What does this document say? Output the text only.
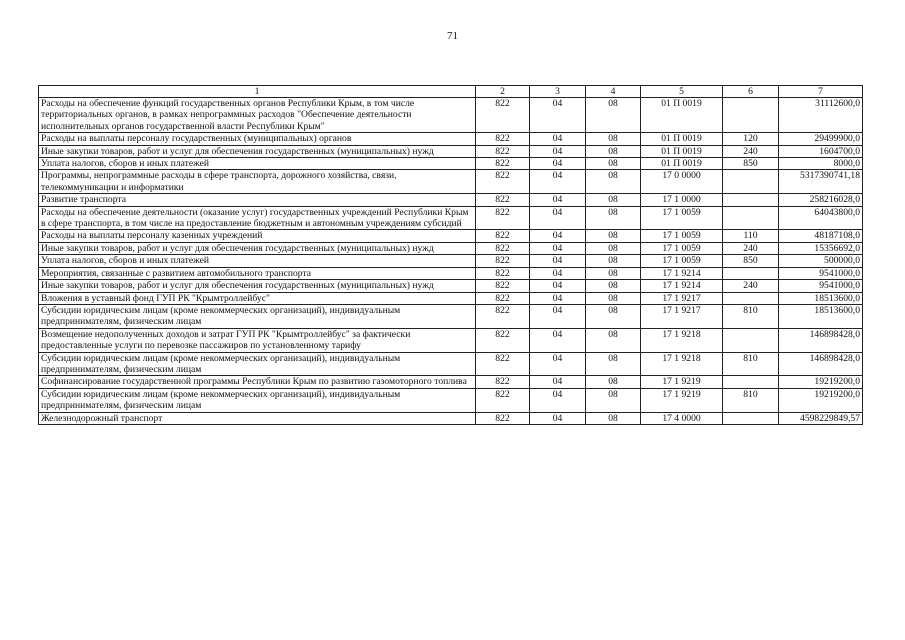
71
1	2	3	4	5	6	7
Расходы на обеспечение функций государственных органов Республики Крым, в том числе территориальных органов, в рамках непрограммных расходов "Обеспечение деятельности исполнительных органов государственной власти Республики Крым"	822	04	08	01 П 0019		31112600,0
Расходы на выплаты персоналу государственных (муниципальных) органов	822	04	08	01 П 0019	120	29499900,0
Иные закупки товаров, работ и услуг для обеспечения государственных (муниципальных) нужд	822	04	08	01 П 0019	240	1604700,0
Уплата налогов, сборов и иных платежей	822	04	08	01 П 0019	850	8000,0
Программы, непрограммные расходы в сфере транспорта, дорожного хозяйства, связи, телекоммуникации и информатики	822	04	08	17 0 0000		5317390741,18
Развитие транспорта	822	04	08	17 1 0000		258216028,0
Расходы на обеспечение деятельности (оказание услуг) государственных учреждений Республики Крым в сфере транспорта, в том числе на предоставление бюджетным и автономным учреждениям субсидий	822	04	08	17 1 0059		64043800,0
Расходы на выплаты персоналу казенных учреждений	822	04	08	17 1 0059	110	48187108,0
Иные закупки товаров, работ и услуг для обеспечения государственных (муниципальных) нужд	822	04	08	17 1 0059	240	15356692,0
Уплата налогов, сборов и иных платежей	822	04	08	17 1 0059	850	500000,0
Мероприятия, связанные с развитием автомобильного транспорта	822	04	08	17 1 9214		9541000,0
Иные закупки товаров, работ и услуг для обеспечения государственных (муниципальных) нужд	822	04	08	17 1 9214	240	9541000,0
Вложения в уставный фонд ГУП РК "Крымтроллейбус"	822	04	08	17 1 9217		18513600,0
Субсидии юридическим лицам (кроме некоммерческих организаций), индивидуальным предпринимателям, физическим лицам	822	04	08	17 1 9217	810	18513600,0
Возмещение недополученных доходов и затрат ГУП РК "Крымтроллейбус" за фактически предоставленные услуги по перевозке пассажиров по установленному тарифу	822	04	08	17 1 9218		146898428,0
Субсидии юридическим лицам (кроме некоммерческих организаций), индивидуальным предпринимателям, физическим лицам	822	04	08	17 1 9218	810	146898428,0
Софинансирование государственной программы Республики Крым по развитию газомоторного топлива	822	04	08	17 1 9219		19219200,0
Субсидии юридическим лицам (кроме некоммерческих организаций), индивидуальным предпринимателям, физическим лицам	822	04	08	17 1 9219	810	19219200,0
Железнодорожный транспорт	822	04	08	17 4 0000		4598229849,57
